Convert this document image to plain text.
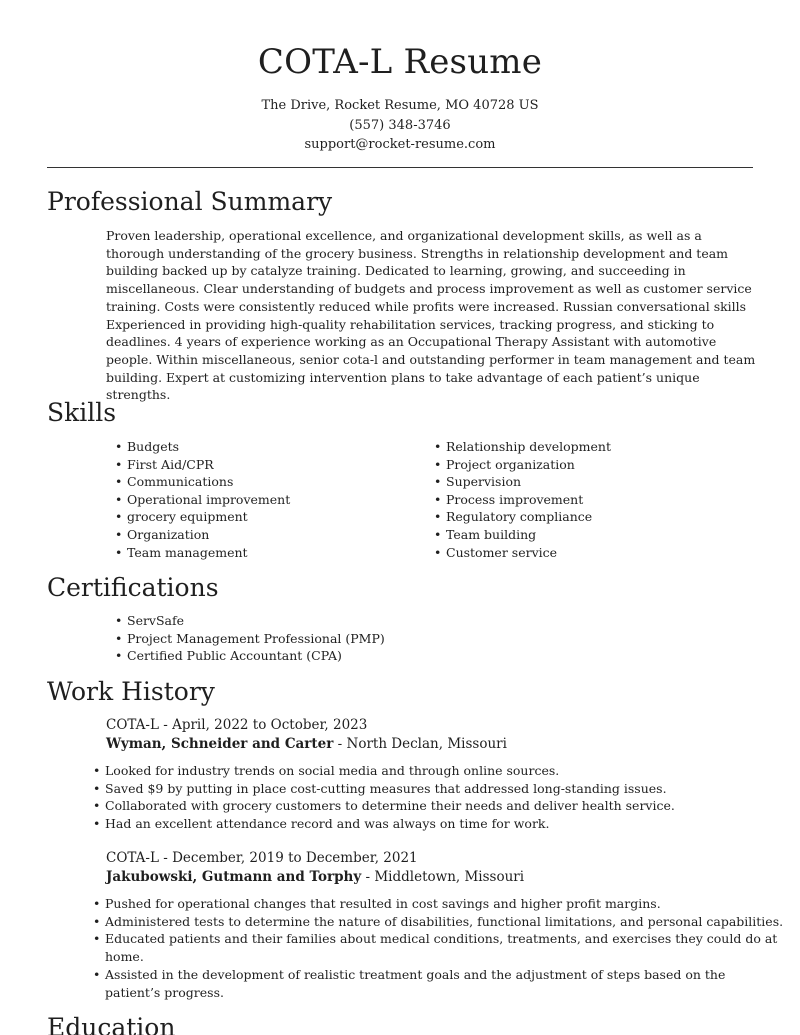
COTA-L Resume
The Drive, Rocket Resume, MO 40728 US
(557) 348-3746
support@rocket-resume.com
Professional Summary

Proven leadership, operational excellence, and organizational development skills, as well as a thorough understanding of the grocery business. Strengths in relationship development and team building backed up by catalyze training. Dedicated to learning, growing, and succeeding in miscellaneous. Clear understanding of budgets and process improvement as well as customer service training. Costs were consistently reduced while profits were increased. Russian conversational skills Experienced in providing high-quality rehabilitation services, tracking progress, and sticking to deadlines. 4 years of experience working as an Occupational Therapy Assistant with automotive people. Within miscellaneous, senior cota-l and outstanding performer in team management and team building. Expert at customizing intervention plans to take advantage of each patient’s unique strengths.

Skills
• Budgets
• First Aid/CPR
• Communications
• Operational improvement
• grocery equipment
• Organization
• Team management
• Relationship development
• Project organization
• Supervision
• Process improvement
• Regulatory compliance
• Team building
• Customer service
Certifications
• ServSafe
• Project Management Professional (PMP)
• Certified Public Accountant (CPA)
Work History

COTA-L - April, 2022 to October, 2023

Wyman, Schneider and Carter - North Declan, Missouri

• Looked for industry trends on social media and through online sources.
• Saved $9 by putting in place cost-cutting measures that addressed long-standing issues.
• Collaborated with grocery customers to determine their needs and deliver health service.
• Had an excellent attendance record and was always on time for work.

COTA-L - December, 2019 to December, 2021

Jakubowski, Gutmann and Torphy - Middletown, Missouri

• Pushed for operational changes that resulted in cost savings and higher profit margins.
• Administered tests to determine the nature of disabilities, functional limitations, and personal capabilities.
• Educated patients and their families about medical conditions, treatments, and exercises they could do at home.
• Assisted in the development of realistic treatment goals and the adjustment of steps based on the patient’s progress.
Education
